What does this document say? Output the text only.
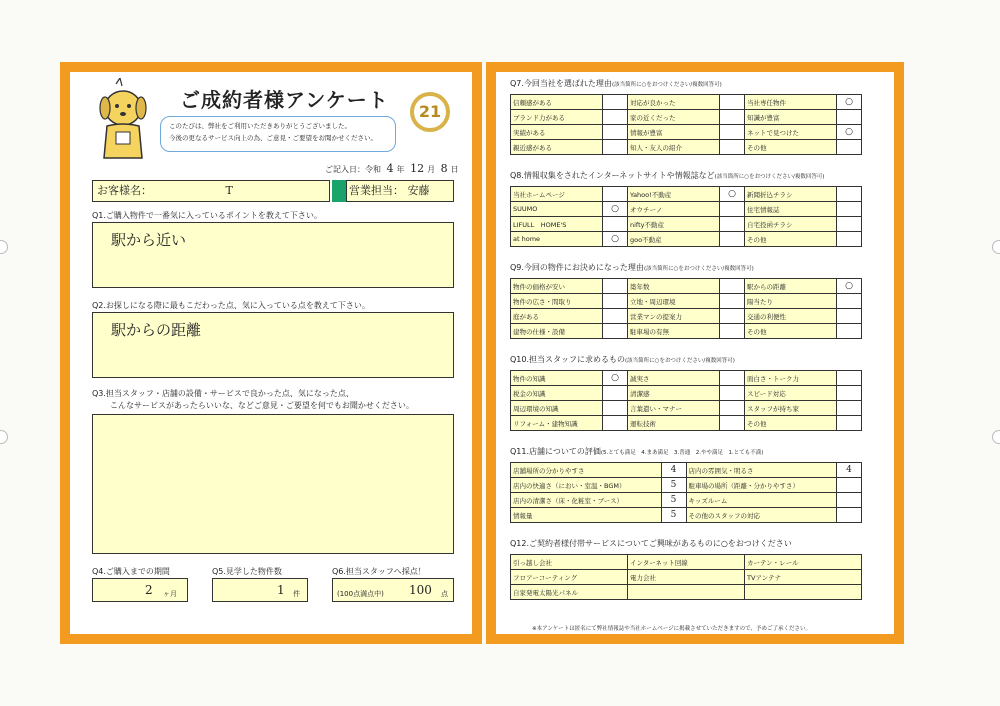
ご成約者様アンケート
このたびは、弊社をご利用いただきありがとうございました。
今後の更なるサービス向上の為、ご意見・ご要望をお聞かせください。
21
ご記入日：令和 4 年 12 月 8 日
お客様名：	T	営業担当： 安藤
Q1.ご購入物件で一番気に入っているポイントを教えて下さい。
駅から近い
Q2.お探しになる際に最もこだわった点、気に入っている点を教えて下さい。
駅からの距離
Q3.担当スタッフ・店舗の設備・サービスで良かった点、気になった点、
こんなサービスがあったらいいな、などご意見・ご要望を何でもお聞かせください。
Q4.ご購入までの期間
2 ヶ月
Q5.見学した物件数
1 件
Q6.担当スタッフへ採点！
(100点満点中) 100 点
Q7.今回当社を選ばれた理由(該当箇所に○をおつけください/複数回答可)
信頼感がある		対応が良かった		当社専任物件	○
ブランド力がある		家の近くだった		知識が豊富	
実績がある		情報が豊富		ネットで見つけた	○
親近感がある		知人・友人の紹介		その他	
Q8.情報収集をされたインターネットサイトや情報誌など(該当箇所に○をおつけください/複数回答可)
当社ホームページ		Yahoo!不動産	○	新聞折込チラシ	
SUUMO	○	オウチーノ		住宅情報誌	
LIFULL　HOME'S		nifty不動産		自宅投函チラシ	
at home	○	goo不動産		その他	
Q9.今回の物件にお決めになった理由(該当箇所に○をおつけください/複数回答可)
物件の価格が安い		築年数		駅からの距離	○
物件の広さ・間取り		立地・周辺環境		陽当たり	
庭がある		営業マンの提案力		交通の利便性	
建物の仕様・設備		駐車場の有無		その他	
Q10.担当スタッフに求めるもの(該当箇所に○をおつけください/複数回答可)
物件の知識	○	誠実さ		面白さ・トーク力	
税金の知識		清潔感		スピード対応	
周辺環境の知識		言葉遣い・マナー		スタッフが持ち家	
リフォーム・建物知識		運転技術		その他	
Q11.店舗についての評価(5.とても満足　4.まあ満足　3.普通　2.やや満足　1.とても不満)
店舗場所の分かりやすさ	4	店内の雰囲気・明るさ	4
店内の快適さ（におい・室温・BGM）	5	駐車場の場所（距離・分かりやすさ）	
店内の清潔さ（床・化粧室・ブース）	5	キッズルーム	
情報量	5	その他のスタッフの対応	
Q12.ご契約者様付帯サービスについてご興味があるものに○をおつけください
引っ越し会社	インターネット回線	カーテン・レール
フロアーコーティング	電力会社	TVアンテナ
自家発電太陽光パネル		
※本アンケートは匿名にて弊社情報誌や当社ホームページに掲載させていただきますので、予めご了承ください。
